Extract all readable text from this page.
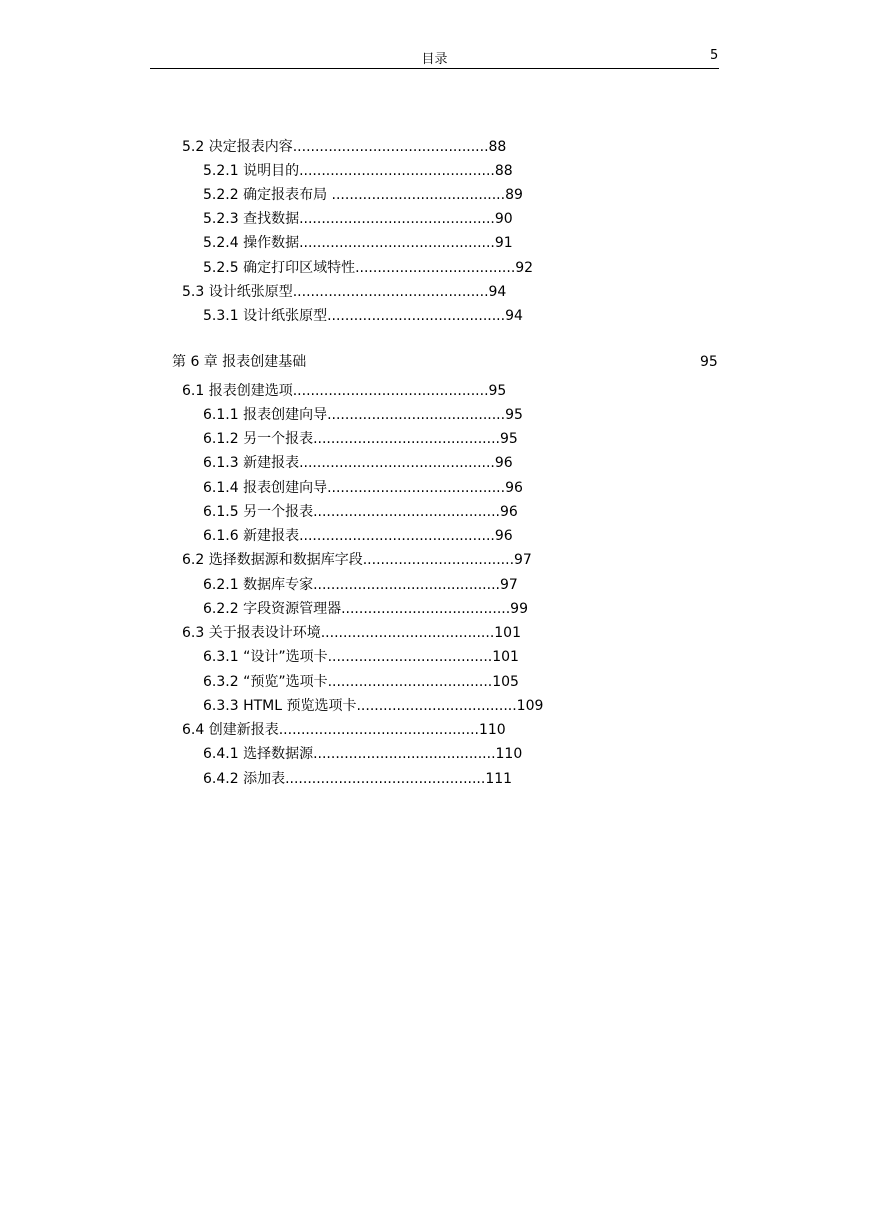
目录	5
5.2 决定报表内容............................................88
5.2.1 说明目的............................................88
5.2.2 确定报表布局 .......................................89
5.2.3 查找数据............................................90
5.2.4 操作数据............................................91
5.2.5 确定打印区域特性....................................92
5.3 设计纸张原型............................................94
5.3.1 设计纸张原型........................................94
第 6 章 报表创建基础	95
6.1 报表创建选项............................................95
6.1.1 报表创建向导........................................95
6.1.2 另一个报表..........................................95
6.1.3 新建报表............................................96
6.1.4 报表创建向导........................................96
6.1.5 另一个报表..........................................96
6.1.6 新建报表............................................96
6.2 选择数据源和数据库字段..................................97
6.2.1 数据库专家..........................................97
6.2.2 字段资源管理器......................................99
6.3 关于报表设计环境.......................................101
6.3.1 “设计”选项卡.....................................101
6.3.2 “预览”选项卡.....................................105
6.3.3 HTML 预览选项卡....................................109
6.4 创建新报表.............................................110
6.4.1 选择数据源.........................................110
6.4.2 添加表.............................................111
